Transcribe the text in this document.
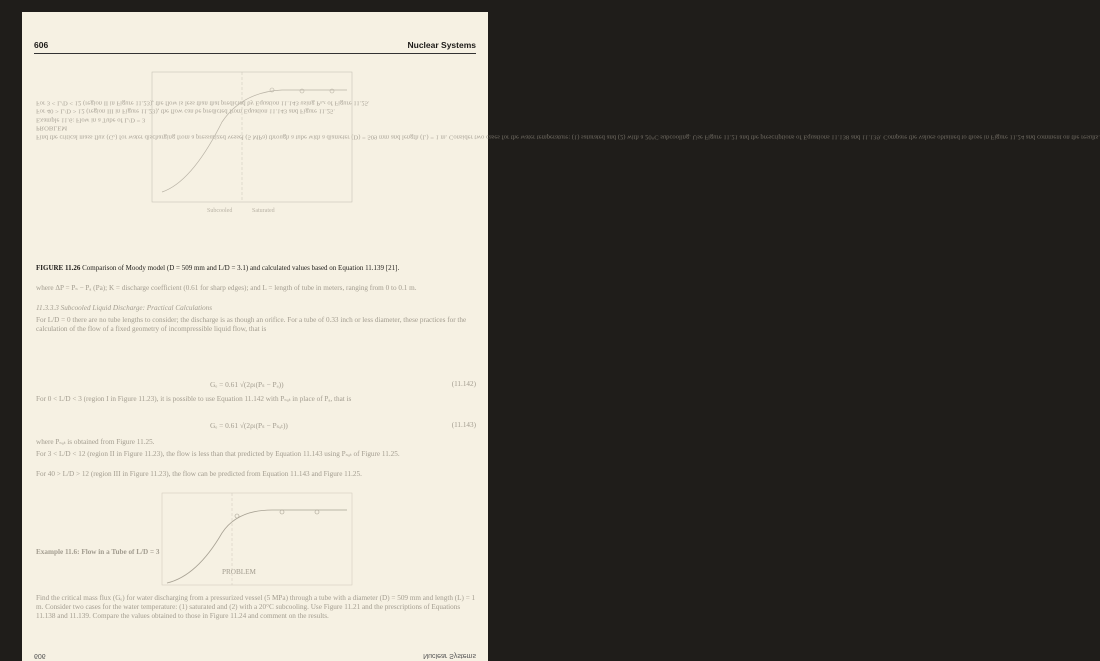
606	Nuclear Systems
Find the critical mass flux (Gₑ) for water discharging from a pressurized vessel (5 MPa) through a tube with a diameter (D) = 509 mm and length (L) = 1 m. Consider two cases for the water temperature: (1) saturated and (2) with a 20°C subcooling. Use Figure 11.21 and the prescriptions of Equations 11.138 and 11.139. Compare the values obtained to those in Figure 11.24 and comment on the results.
PROBLEM
Example 11.6: Flow in a Tube of L/D = 3
For 40 > L/D > 12 (region III in Figure 11.23), the flow can be predicted from Equation 11.143 and Figure 11.25.
For 3 < L/D < 12 (region II in Figure 11.23), the flow is less than that predicted by Equation 11.143 using Pₛₐₜ of Figure 11.25.
Subcooled	Saturated
FIGURE 11.26 Comparison of Moody model (D = 509 mm and L/D = 3.1) and calculated values based on Equation 11.139 [21].
where ΔP = Pₛ − Pₐ (Pa); K = discharge coefficient (0.61 for sharp edges); and L = length of tube in meters, ranging from 0 to 0.1 m.
11.3.3.3 Subcooled Liquid Discharge: Practical Calculations
For L/D = 0 there are no tube lengths to consider; the discharge is as though an orifice. For a tube of 0.33 inch or less diameter, these practices for the calculation of the flow of a fixed geometry of incompressible liquid flow, that is
Gₑ = 0.61 √(2ρₗ(Pₛ − Pₐ))	(11.142)
For 0 < L/D < 3 (region I in Figure 11.23), it is possible to use Equation 11.142 with Pₛₐₜ in place of Pₐ, that is
Gₑ = 0.61 √(2ρₗ(Pₛ − Pₛₐₜ))	(11.143)
where Pₛₐₜ is obtained from Figure 11.25.
For 3 < L/D < 12 (region II in Figure 11.23), the flow is less than that predicted by Equation 11.143 using Pₛₐₜ of Figure 11.25.
For 40 > L/D > 12 (region III in Figure 11.23), the flow can be predicted from Equation 11.143 and Figure 11.25.
Example 11.6: Flow in a Tube of L/D = 3
PROBLEM
Find the critical mass flux (Gₑ) for water discharging from a pressurized vessel (5 MPa) through a tube with a diameter (D) = 509 mm and length (L) = 1 m. Consider two cases for the water temperature: (1) saturated and (2) with a 20°C subcooling. Use Figure 11.21 and the prescriptions of Equations 11.138 and 11.139. Compare the values obtained to those in Figure 11.24 and comment on the results.
606	Nuclear Systems
